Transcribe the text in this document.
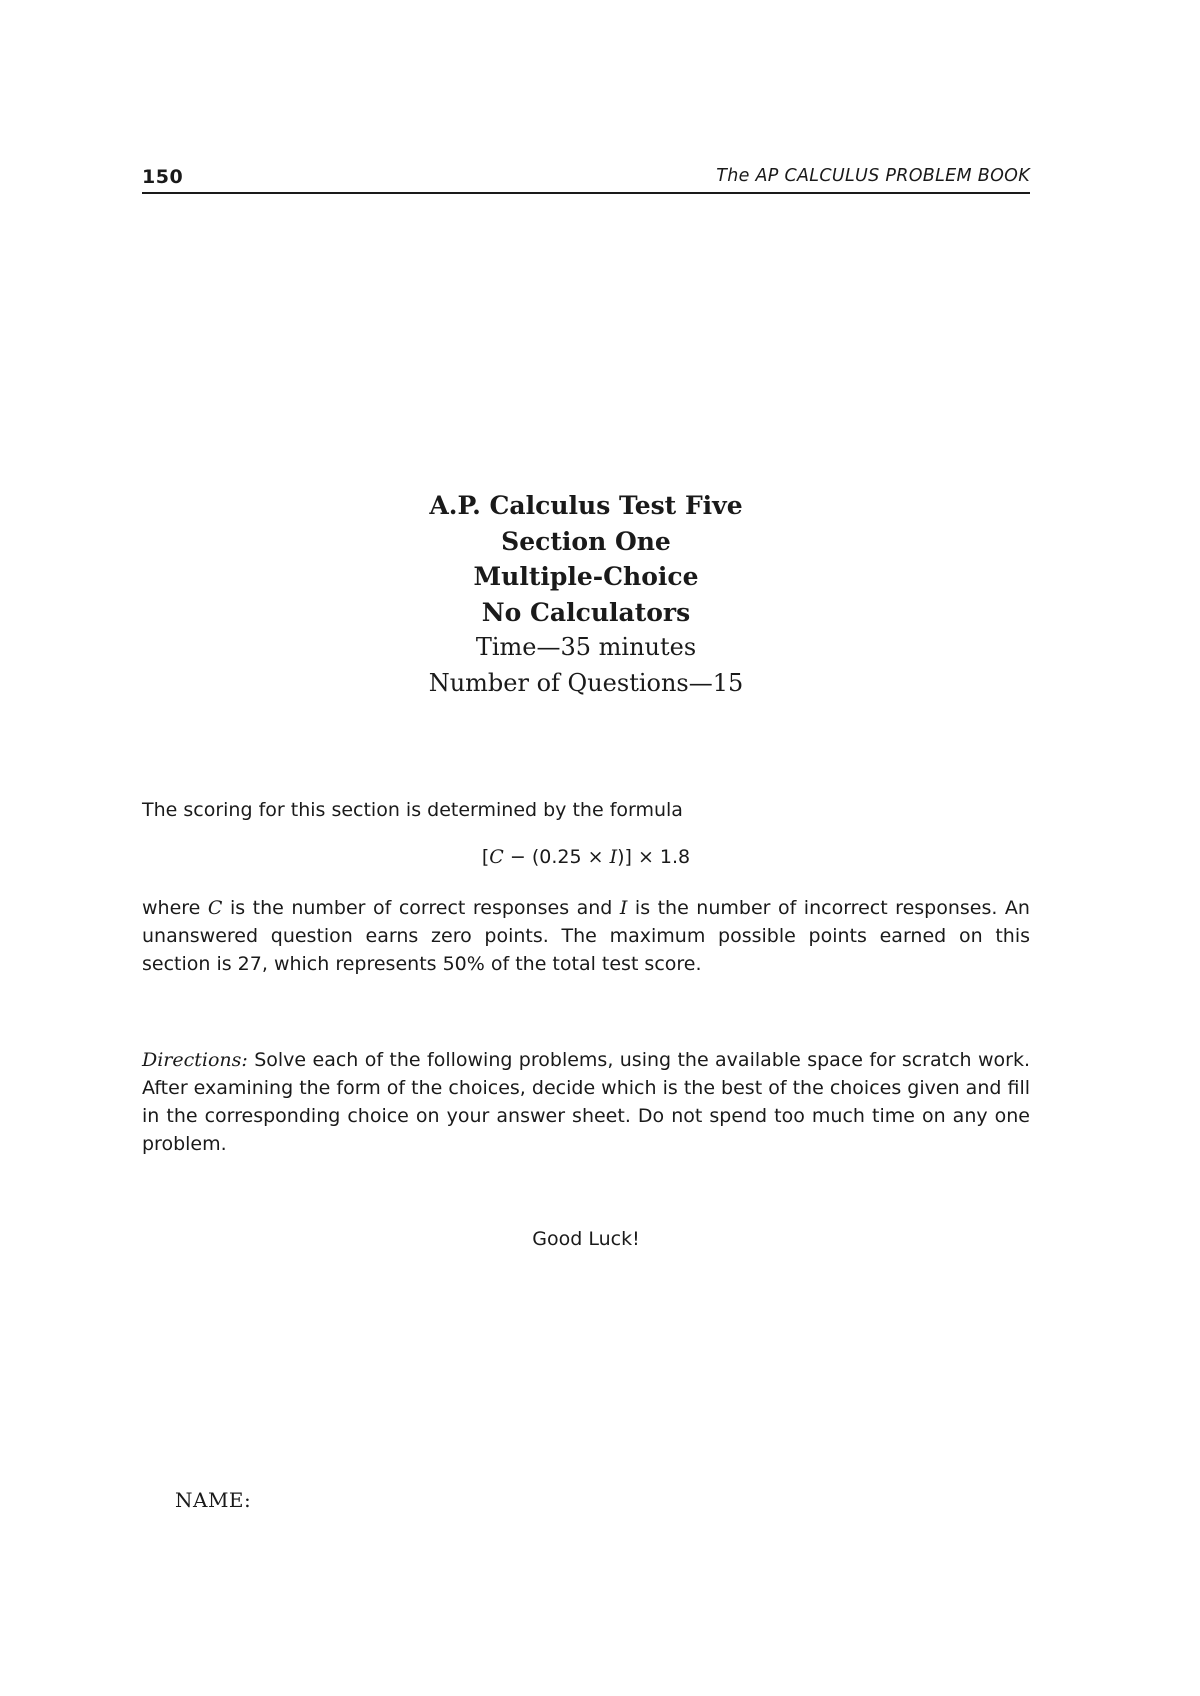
150	The AP CALCULUS PROBLEM BOOK
A.P. Calculus Test Five
Section One
Multiple-Choice
No Calculators
Time—35 minutes
Number of Questions—15
The scoring for this section is determined by the formula
[C − (0.25 × I)] × 1.8
where C is the number of correct responses and I is the number of incorrect responses. An unanswered question earns zero points. The maximum possible points earned on this section is 27, which represents 50% of the total test score.
Directions: Solve each of the following problems, using the available space for scratch work. After examining the form of the choices, decide which is the best of the choices given and fill in the corresponding choice on your answer sheet. Do not spend too much time on any one problem.
Good Luck!
NAME:
